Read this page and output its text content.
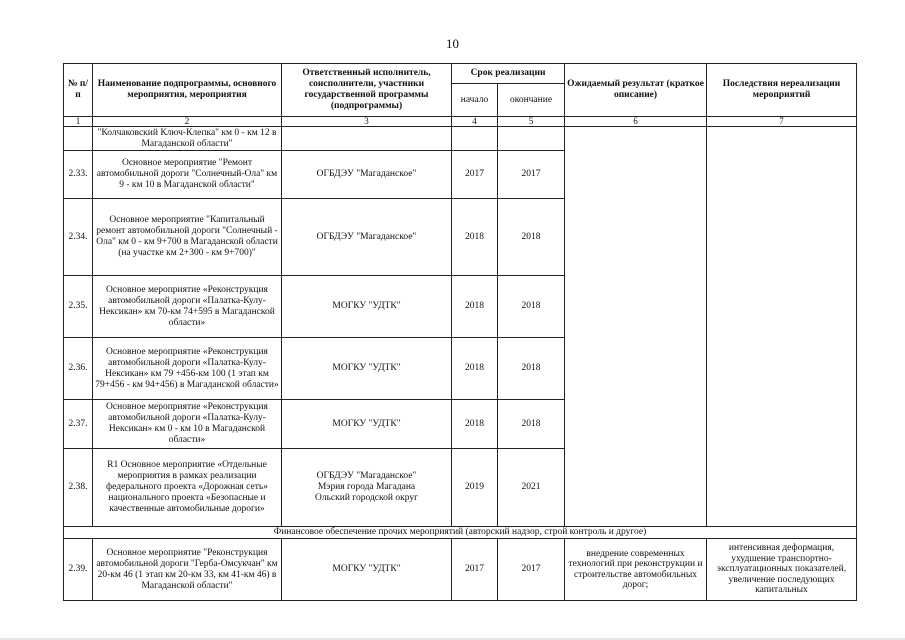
10
№ п/п	Наименование подпрограммы, основного мероприятия, мероприятия	Ответственный исполнитель, соисполнители, участники государственной программы (подпрограммы)	Срок реализации		Ожидаемый результат (краткое описание)	Последствия нереализации мероприятий
			начало	окончание		
1	2	3	4	5	6	7
	"Колчаковский Ключ-Клепка" км 0 - км 12 в Магаданской области"					
2.33.	Основное мероприятие "Ремонт автомобильной дороги "Солнечный-Ола" км 9 - км 10 в Магаданской области"	ОГБДЭУ "Магаданское"	2017	2017		
2.34.	Основное мероприятие "Капитальный ремонт автомобильной дороги "Солнечный - Ола" км 0 - км 9+700 в Магаданской области (на участке км 2+300 - км 9+700)"	ОГБДЭУ "Магаданское"	2018	2018		
2.35.	Основное мероприятие «Реконструкция автомобильной дороги «Палатка-Кулу-Нексикан» км 70-км 74+595 в Магаданской области»	МОГКУ "УДТК"	2018	2018		
2.36.	Основное мероприятие «Реконструкция автомобильной дороги «Палатка-Кулу-Нексикан» км 79 +456-км 100 (1 этап км 79+456 - км 94+456) в Магаданской области»	МОГКУ "УДТК"	2018	2018		
2.37.	Основное мероприятие «Реконструкция автомобильной дороги «Палатка-Кулу-Нексикан» км 0 - км 10 в Магаданской области»	МОГКУ "УДТК"	2018	2018		
2.38.	R1 Основное мероприятие «Отдельные мероприятия в рамках реализации федерального проекта «Дорожная сеть» национального проекта «Безопасные и качественные автомобильные дороги»	ОГБДЭУ "Магаданское"
Мэрия города Магадана
Ольский городской округ	2019	2021		
Финансовое обеспечение прочих мероприятий (авторский надзор, строй контроль и другое)						
2.39.	Основное мероприятие "Реконструкция автомобильной дороги "Герба-Омсукчан" км 20-км 46 (1 этап км 20-км 33, км 41-км 46) в Магаданской области"	МОГКУ "УДТК"	2017	2017	внедрение современных технологий при реконструкции и строительстве автомобильных дорог;	интенсивная деформация, ухудшение транспортно-эксплуатационных показателей, увеличение последующих капитальных
